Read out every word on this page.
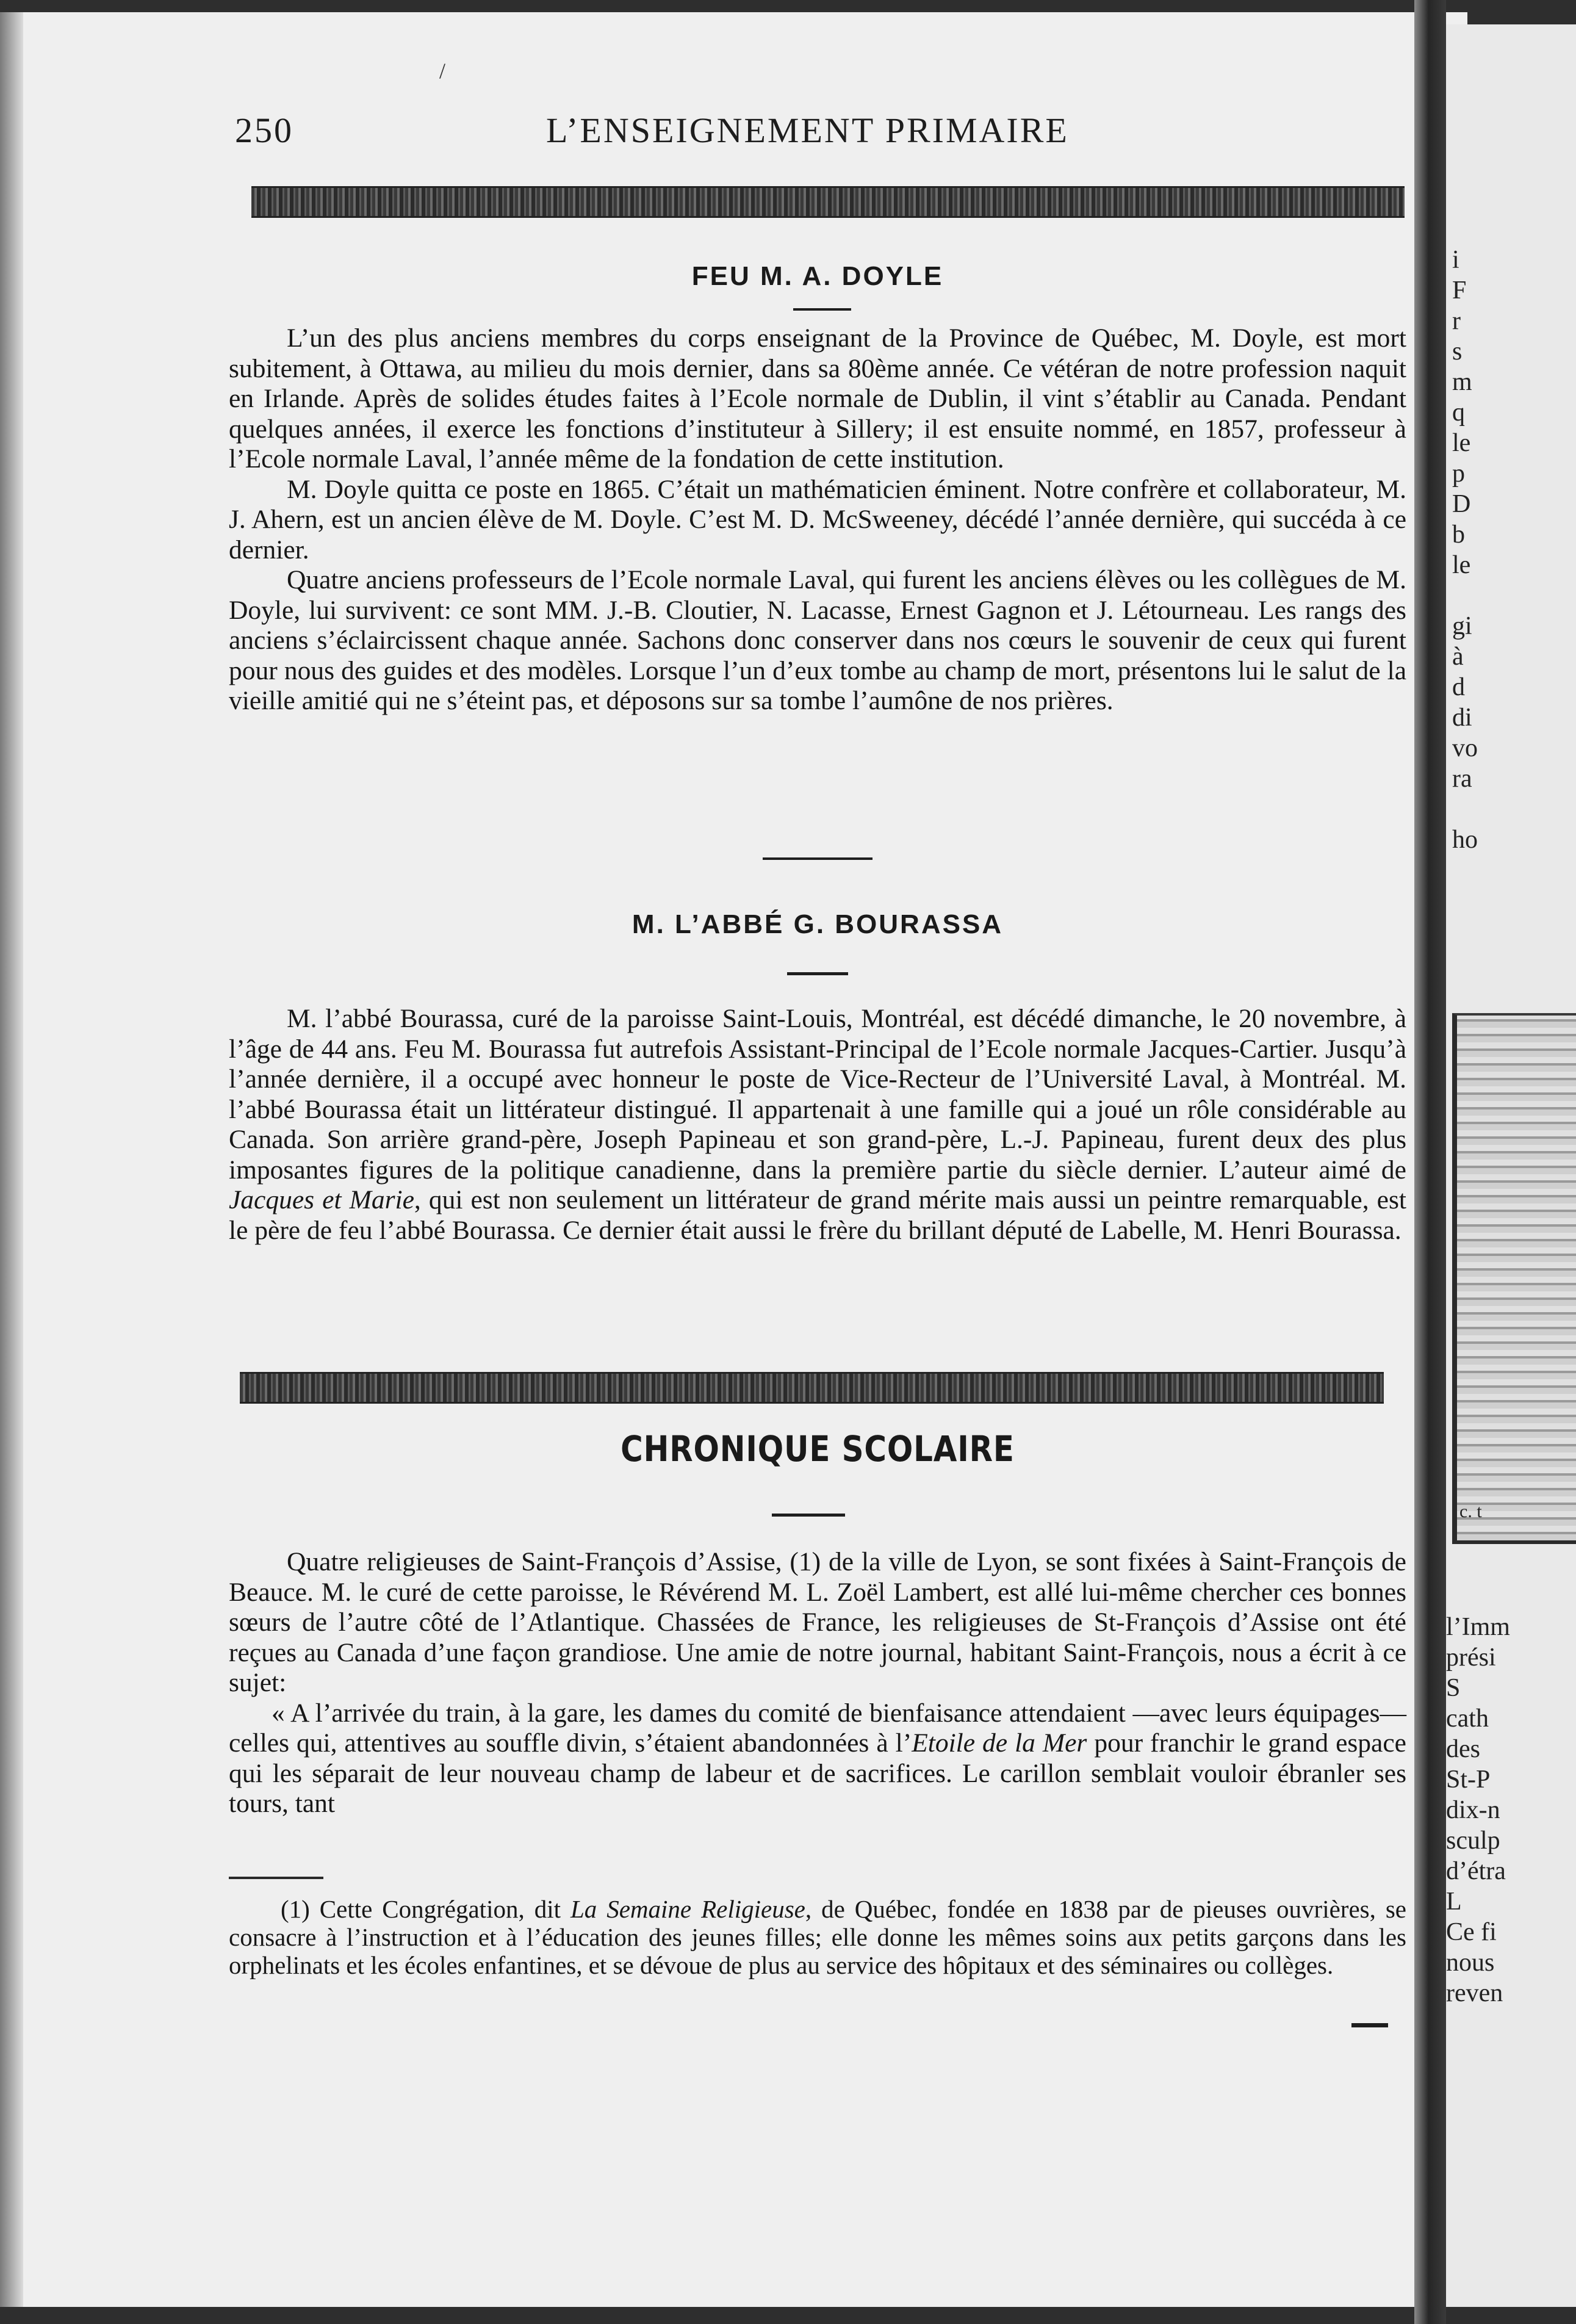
i
F
r
s
m
q
le
p
D
b
le
gi
à
d
di
vo
ra
ho
l’Imm
prési
S
cath
des
St-P
dix-n
sculp
d’étra
L
Ce fi
nous
reven
c. t
250	L’ENSEIGNEMENT PRIMAIRE
/
FEU M. A. DOYLE

L’un des plus anciens membres du corps enseignant de la Province de Québec, M. Doyle, est mort subitement, à Ottawa, au milieu du mois dernier, dans sa 80ème année. Ce vétéran de notre profession naquit en Irlande. Après de solides études faites à l’Ecole normale de Dublin, il vint s’établir au Canada. Pendant quelques années, il exerce les fonctions d’instituteur à Sillery; il est ensuite nommé, en 1857, professeur à l’Ecole normale Laval, l’année même de la fondation de cette institution.

M. Doyle quitta ce poste en 1865. C’était un mathématicien éminent. Notre confrère et collaborateur, M. J. Ahern, est un ancien élève de M. Doyle. C’est M. D. McSweeney, décédé l’année dernière, qui succéda à ce dernier.

Quatre anciens professeurs de l’Ecole normale Laval, qui furent les anciens élèves ou les collègues de M. Doyle, lui survivent: ce sont MM. J.-B. Cloutier, N. Lacasse, Ernest Gagnon et J. Létourneau. Les rangs des anciens s’éclaircissent chaque année. Sachons donc conserver dans nos cœurs le souvenir de ceux qui furent pour nous des guides et des modèles. Lorsque l’un d’eux tombe au champ de mort, présentons lui le salut de la vieille amitié qui ne s’éteint pas, et déposons sur sa tombe l’aumône de nos prières.

M. L’ABBÉ G. BOURASSA

M. l’abbé Bourassa, curé de la paroisse Saint-Louis, Montréal, est décédé dimanche, le 20 novembre, à l’âge de 44 ans. Feu M. Bourassa fut autrefois Assistant-Principal de l’Ecole normale Jacques-Cartier. Jusqu’à l’année dernière, il a occupé avec honneur le poste de Vice-Recteur de l’Université Laval, à Montréal. M. l’abbé Bourassa était un littérateur distingué. Il appartenait à une famille qui a joué un rôle considérable au Canada. Son arrière grand-père, Joseph Papineau et son grand-père, L.-J. Papineau, furent deux des plus imposantes figures de la politique canadienne, dans la première partie du siècle dernier. L’auteur aimé de Jacques et Marie, qui est non seulement un littérateur de grand mérite mais aussi un peintre remarquable, est le père de feu l’abbé Bourassa. Ce dernier était aussi le frère du brillant député de Labelle, M. Henri Bourassa.

CHRONIQUE SCOLAIRE

Quatre religieuses de Saint-François d’Assise, (1) de la ville de Lyon, se sont fixées à Saint-François de Beauce. M. le curé de cette paroisse, le Révérend M. L. Zoël Lambert, est allé lui-même chercher ces bonnes sœurs de l’autre côté de l’Atlantique. Chassées de France, les religieuses de St-François d’Assise ont été reçues au Canada d’une façon grandiose. Une amie de notre journal, habitant Saint-François, nous a écrit à ce sujet:

« A l’arrivée du train, à la gare, les dames du comité de bienfaisance attendaient —avec leurs équipages—celles qui, attentives au souffle divin, s’étaient abandonnées à l’Etoile de la Mer pour franchir le grand espace qui les séparait de leur nouveau champ de labeur et de sacrifices. Le carillon semblait vouloir ébranler ses tours, tant

(1) Cette Congrégation, dit La Semaine Religieuse, de Québec, fondée en 1838 par de pieuses ouvrières, se consacre à l’instruction et à l’éducation des jeunes filles; elle donne les mêmes soins aux petits garçons dans les orphelinats et les écoles enfantines, et se dévoue de plus au service des hôpitaux et des séminaires ou collèges.
